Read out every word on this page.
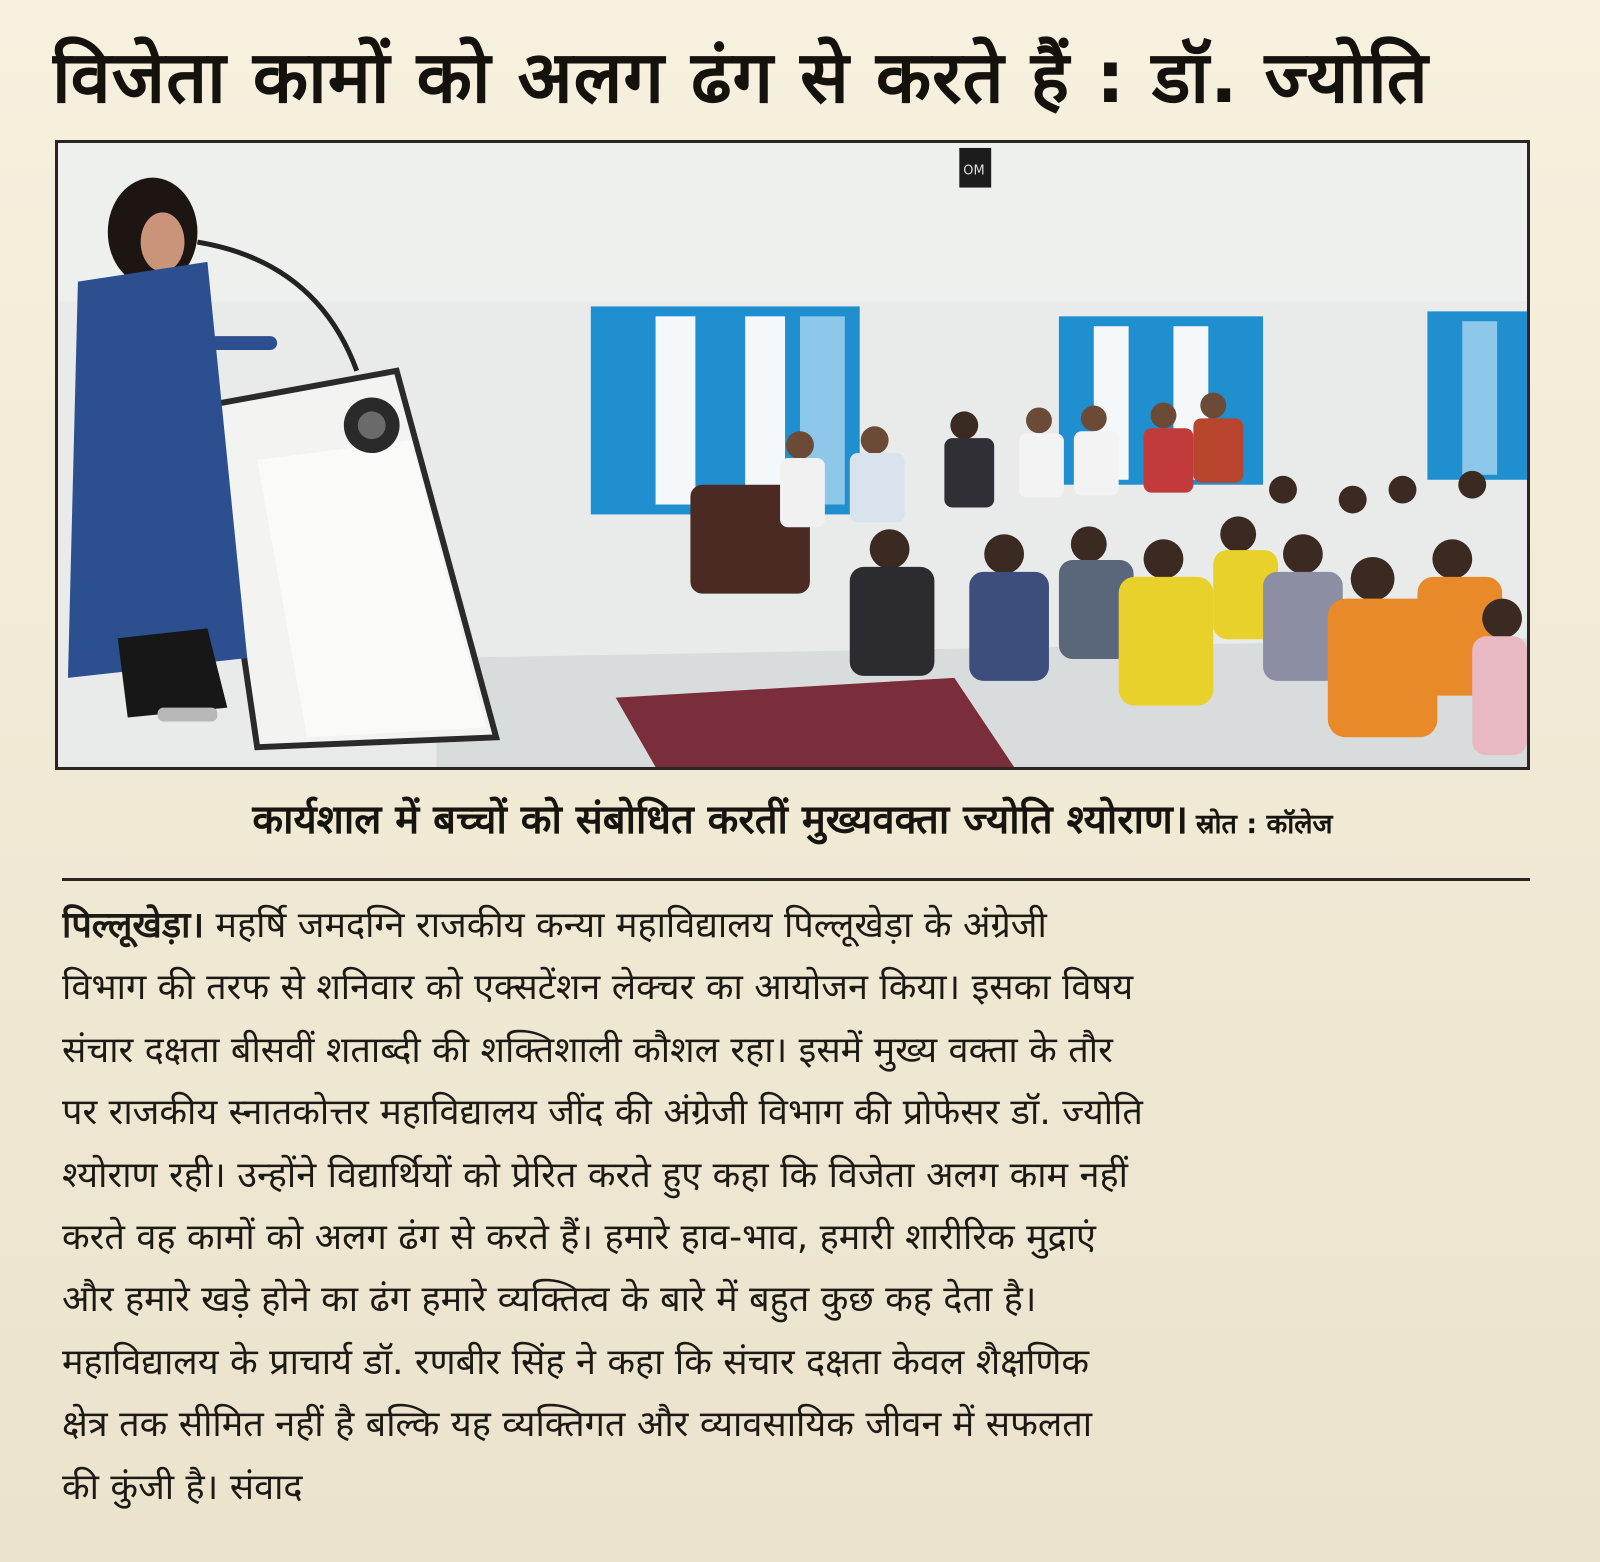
विजेता कामों को अलग ढंग से करते हैं : डॉ. ज्योति
OM
कार्यशाल में बच्चों को संबोधित करतीं मुख्यवक्ता ज्योति श्योराण। स्रोत : कॉलेज
पिल्लूखेड़ा। महर्षि जमदग्नि राजकीय कन्या महाविद्यालय पिल्लूखेड़ा के अंग्रेजी
विभाग की तरफ से शनिवार को एक्सटेंशन लेक्चर का आयोजन किया। इसका विषय
संचार दक्षता बीसवीं शताब्दी की शक्तिशाली कौशल रहा। इसमें मुख्य वक्ता के तौर
पर राजकीय स्नातकोत्तर महाविद्यालय जींद की अंग्रेजी विभाग की प्रोफेसर डॉ. ज्योति
श्योराण रही। उन्होंने विद्यार्थियों को प्रेरित करते हुए कहा कि विजेता अलग काम नहीं
करते वह कामों को अलग ढंग से करते हैं। हमारे हाव-भाव, हमारी शारीरिक मुद्राएं
और हमारे खड़े होने का ढंग हमारे व्यक्तित्व के बारे में बहुत कुछ कह देता है।
महाविद्यालय के प्राचार्य डॉ. रणबीर सिंह ने कहा कि संचार दक्षता केवल शैक्षणिक
क्षेत्र तक सीमित नहीं है बल्कि यह व्यक्तिगत और व्यावसायिक जीवन में सफलता
की कुंजी है। संवाद
